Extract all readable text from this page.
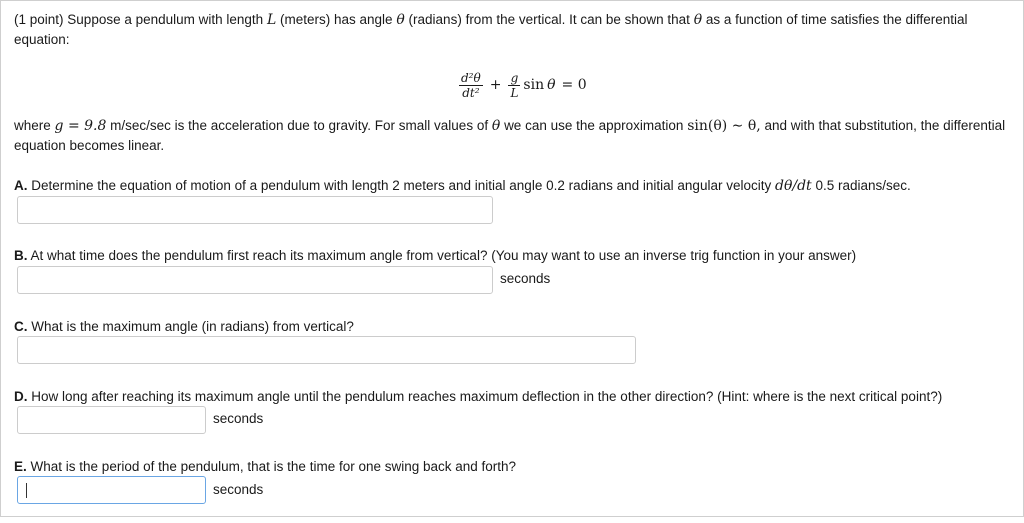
(1 point) Suppose a pendulum with length L (meters) has angle θ (radians) from the vertical. It can be shown that θ as a function of time satisfies the differential equation:
$\frac{\text{d²θ}}{\text{dt²}} + \frac{g}{L}$ sin θ = 0
where g = 9.8 m/sec/sec is the acceleration due to gravity. For small values of θ we can use the approximation sin(θ) ∼ θ, and with that substitution, the differential equation becomes linear.
A. Determine the equation of motion of a pendulum with length 2 meters and initial angle 0.2 radians and initial angular velocity dθ/dt 0.5 radians/sec.
B. At what time does the pendulum first reach its maximum angle from vertical? (You may want to use an inverse trig function in your answer)
seconds
C. What is the maximum angle (in radians) from vertical?
D. How long after reaching its maximum angle until the pendulum reaches maximum deflection in the other direction? (Hint: where is the next critical point?)
seconds
E. What is the period of the pendulum, that is the time for one swing back and forth?
seconds
